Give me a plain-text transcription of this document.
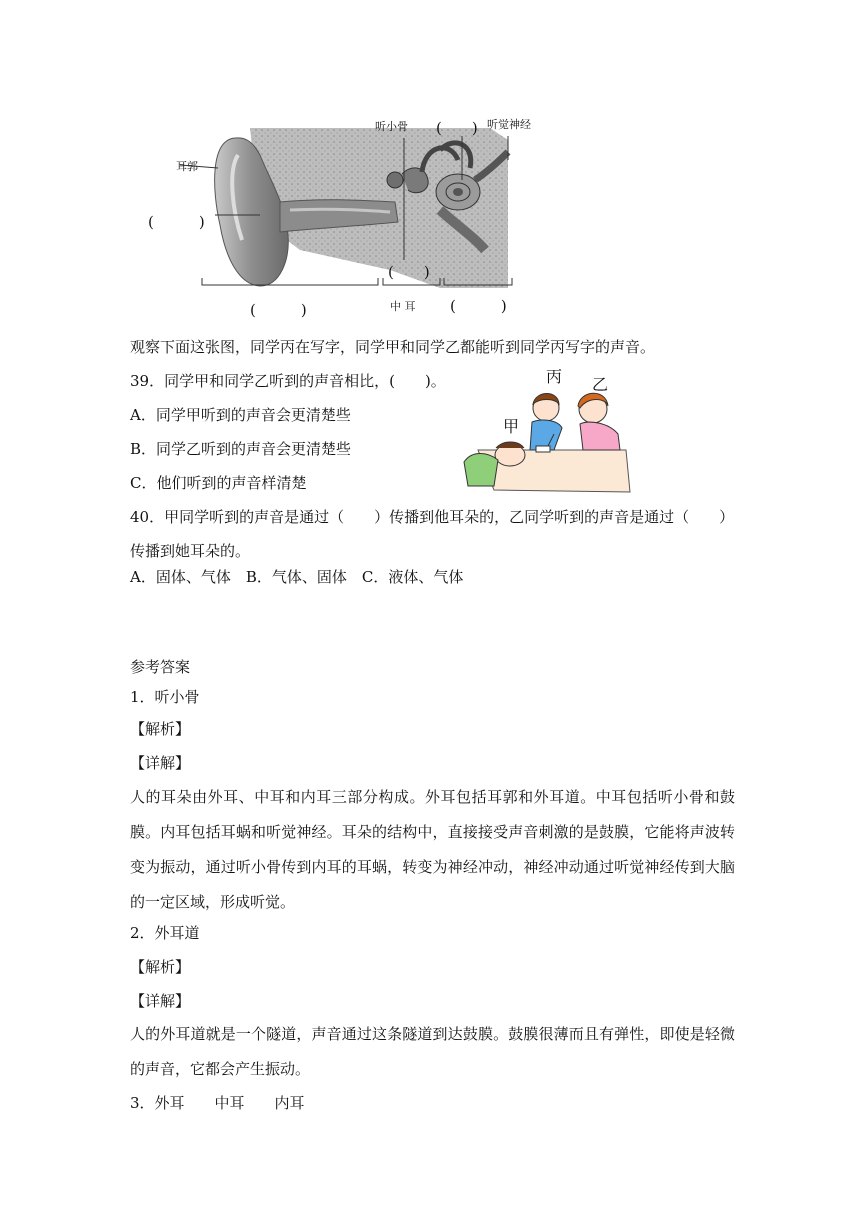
耳郭
听小骨	听觉神经
中 耳
(　　)
(　　　)
(　　　)
(　　)
(　　　)
观察下面这张图，同学丙在写字，同学甲和同学乙都能听到同学丙写字的声音。
39．同学甲和同学乙听到的声音相比，(　　)。
A．同学甲听到的声音会更清楚些
B．同学乙听到的声音会更清楚些
C．他们听到的声音样清楚
丙 乙
甲
40．甲同学听到的声音是通过（　　）传播到他耳朵的，乙同学听到的声音是通过（　　）
传播到她耳朵的。
A．固体、气体　B．气体、固体　C．液体、气体
参考答案
1．听小骨
【解析】
【详解】
人的耳朵由外耳、中耳和内耳三部分构成。外耳包括耳郭和外耳道。中耳包括听小骨和鼓膜。内耳包括耳蜗和听觉神经。耳朵的结构中，直接接受声音刺激的是鼓膜，它能将声波转变为振动，通过听小骨传到内耳的耳蜗，转变为神经冲动，神经冲动通过听觉神经传到大脑的一定区域，形成听觉。
2．外耳道
【解析】
【详解】
人的外耳道就是一个隧道，声音通过这条隧道到达鼓膜。鼓膜很薄而且有弹性，即使是轻微的声音，它都会产生振动。
3．外耳　　中耳　　内耳
